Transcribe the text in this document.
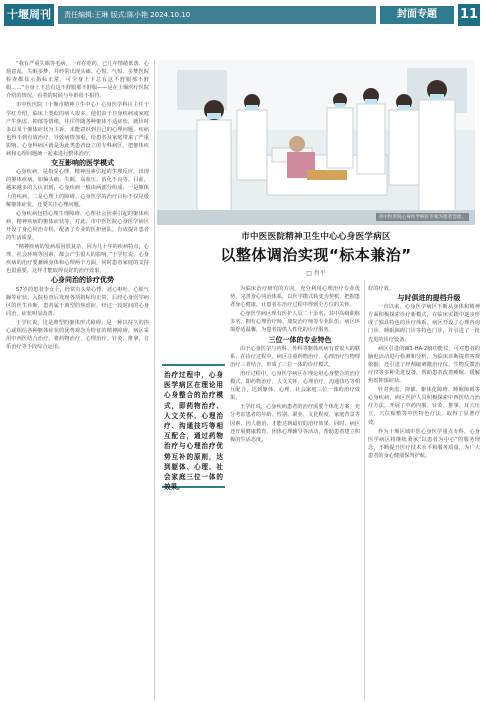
十堰周刊	责任编辑:王琳 版式:陈小艳 2024.10.10	封面专题	11

“我有严重失眠等毛病，一直在吃药，已几年情绪低落、心烦意乱、失眠多梦，并经常出现头痛、心慌、气短、多梦医院检查都显示指标正常，可全身上下总有这不舒服那不舒服……”全身上下总有这不舒服那不舒服——是在土堰医疗医院介绍的情况，看着的时候与年龄很不相符。

市中医医院（十堰市精神卫生中心）心身医学科区主任于学红介绍，临床上类似的病人很多。他们由于自身疾病或家庭产生焦虑、抑郁等情绪，往往伴随各种躯体不适症状，就诊时多以某个躯体症状为主诉，未能意识到自己的心理问题，疾病也得不到有效治疗，导致病情加重，给患者及家庭带来了严重影响。心身科病区就是为此类患者设立的专科病区，把躯体疾病和心理问题统一起来进行整体治疗。

交互影响的医学模式

心身疾病，是指受心理、精神因素引起的生理反应，出现的躯体疾病。如偏头痛、失眠、高血压、消化不良等。目前，越来越多的人认识到，心身疾病一般由两部分组成，一是躯体上的疾病，二是心理上的障碍。心身医学的治疗目标不仅是缓解躯体症状，还要关注心理问题。

心身疾病包括心理生理障碍、心理社会因素引起的躯体疾病、精神疾病的躯体症状等。对此，市中医医院心身医学病区开设了身心同治专科，配备了专业的医护团队，有效提升患者的生活质量。

“精神疾病的发病原因很复杂，因为几十年的疾病特点，心理、社会环境等因素，都会产生很大的影响。”于学红说，心身疾病的治疗要兼顾身体和心理两个方面，同时患者家庭的支持也很重要，这样才能取得良好的治疗效果。

心身同治的诊疗优势

57岁的患者李女士，经常有头晕心悸、恶心呕吐、心烦气躁等症状，入院检查后发现各项指标均正常，后经心身医学病区的医生诊断，患者属于典型的焦虑症，经过一段时间的心身同治，症状明显改善。

王学红说，这是典型的躯体形式障碍，是一种以持久的担心或相信各种躯体症状的优势观念为特征的精神障碍。病区采用中西医结合治疗，将药物治疗、心理治疗、针灸、推拿、音乐治疗等手段综合运用。

市中医医院心身医学病区专家为患者会诊。
市中医医院精神卫生中心心身医学病区
以整体调治实现“标本兼治”
□ 肖平
治疗过程中，心身医学病区在理论用心身整合的治疗模式，即药物治疗、人文关怀、心理治疗、沟通技巧等相互配合，通过药物治疗与心理治疗优势互补的原则，达到躯体、心理、社会家庭三位一体的效果。

为临床治疗研究的方向。充分利用心理治疗专业优势，完善身心同治体系，以医学模式转变为契机，把握患者身心健康，让患者在治疗过程中得到全方位的关怀。

心身医学病区现有医护人员二十余名，其中高级职称多名，拥有心理治疗师、康复治疗师等专业队伍。病区环境舒适温馨，为患者提供人性化的诊疗服务。

三位一体的专业特色

由于心身医学与内科、外科等躯体疾病有着很大的联系，在诊疗过程中，病区注重药物治疗、心理治疗与物理治疗三者结合，形成了三位一体的诊疗模式。

治疗过程中，心身医学病区在理论用心身整合的治疗模式，即药物治疗、人文关怀、心理治疗、沟通技巧等相互配合，达到躯体、心理、社会家庭三位一体的治疗效果。

王学红说，心身疾病患者的治疗需要个体化方案，充分考虑患者的年龄、性别、职业、文化程度、家庭背景等因素，因人施治，才能达到最好的治疗效果。同时，病区还开展健康教育、团体心理辅导等活动，帮助患者建立积极的生活态度。

好的疗效。

与时俱进的提档升级

一直以来，心身医学病区不断从身体和精神方面积极探索诊疗新模式，在临床实践中逐步形成了独具特色的诊疗体系。病区开设了心理咨询门诊、睡眠障碍门诊等特色门诊，并引进了一批先进的诊疗设备。

病区引进的W1-HA-2脑功能仪，可对患者的脑电活动进行检测和分析，为临床诊断提供客观依据；还引进了经颅磁刺激治疗仪、生物反馈治疗仪等多种先进设备，帮助患者改善睡眠、缓解焦虑抑郁症状。

针对焦虑、抑郁、躯体化障碍、睡眠障碍等心身疾病，病区医护人员积极探索中西医结合治疗方法，开展了中药内服、针灸、推拿、耳穴压豆、穴位贴敷等中医特色疗法，取得了显著疗效。

作为十堰区域中医心身医学重点专科，心身医学病区将继续秉承“以患者为中心”的服务理念，不断提升医疗技术水平和服务质量，为广大患者的身心健康保驾护航。
